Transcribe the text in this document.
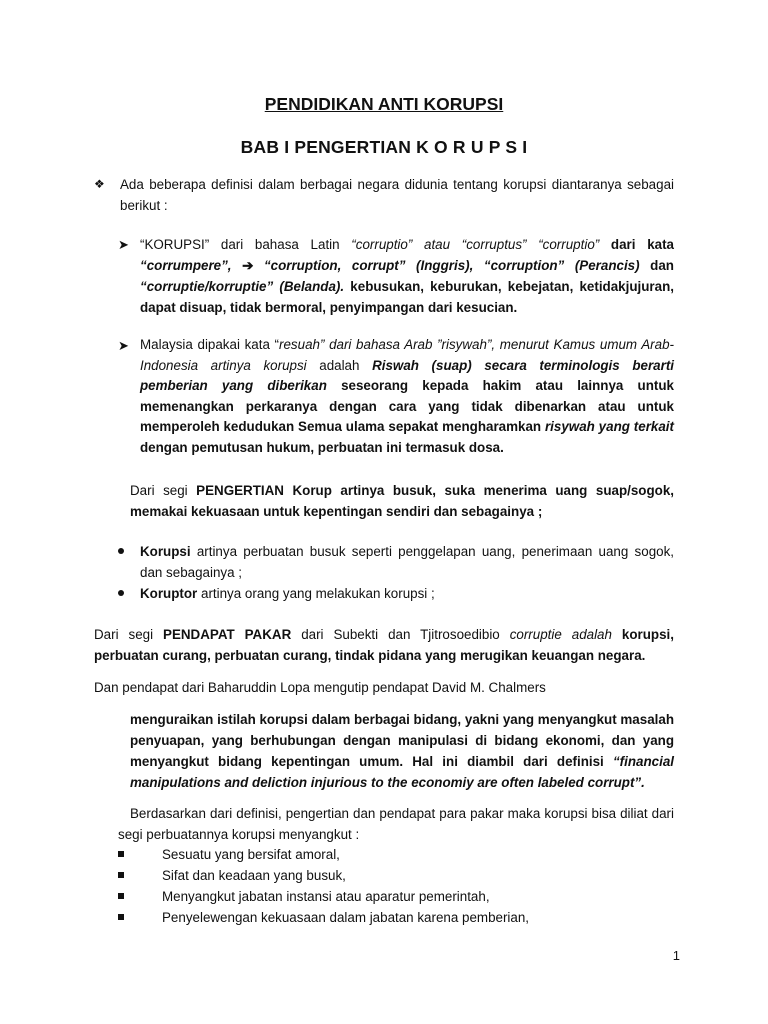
PENDIDIKAN ANTI KORUPSI
BAB I PENGERTIAN K O R U P S I
❖ Ada beberapa definisi dalam berbagai negara didunia tentang korupsi diantaranya sebagai berikut :
➤ “KORUPSI” dari bahasa Latin “corruptio” atau “corruptus” “corruptio” dari kata “corrumpere”, ➔ “corruption, corrupt” (Inggris), “corruption” (Perancis) dan “corruptie/korruptie” (Belanda). kebusukan, keburukan, kebejatan, ketidakjujuran, dapat disuap, tidak bermoral, penyimpangan dari kesucian.
➤ Malaysia dipakai kata “resuah” dari bahasa Arab ”risywah”, menurut Kamus umum Arab-Indonesia artinya korupsi adalah Riswah (suap) secara terminologis berarti pemberian yang diberikan seseorang kepada hakim atau lainnya untuk memenangkan perkaranya dengan cara yang tidak dibenarkan atau untuk memperoleh kedudukan Semua ulama sepakat mengharamkan risywah yang terkait dengan pemutusan hukum, perbuatan ini termasuk dosa.
Dari segi PENGERTIAN Korup artinya busuk, suka menerima uang suap/sogok, memakai kekuasaan untuk kepentingan sendiri dan sebagainya ;
Korupsi artinya perbuatan busuk seperti penggelapan uang, penerimaan uang sogok, dan sebagainya ;
Koruptor artinya orang yang melakukan korupsi ;
Dari segi PENDAPAT PAKAR dari Subekti dan Tjitrosoedibio corruptie adalah korupsi, perbuatan curang, perbuatan curang, tindak pidana yang merugikan keuangan negara.
Dan pendapat dari Baharuddin Lopa mengutip pendapat David M. Chalmers
menguraikan istilah korupsi dalam berbagai bidang, yakni yang menyangkut masalah penyuapan, yang berhubungan dengan manipulasi di bidang ekonomi, dan yang menyangkut bidang kepentingan umum. Hal ini diambil dari definisi “financial manipulations and deliction injurious to the economiy are often labeled corrupt”.
Berdasarkan dari definisi, pengertian dan pendapat para pakar maka korupsi bisa diliat dari segi perbuatannya korupsi menyangkut :
Sesuatu yang bersifat amoral,
Sifat dan keadaan yang busuk,
Menyangkut jabatan instansi atau aparatur pemerintah,
Penyelewengan kekuasaan dalam jabatan karena pemberian,
1
